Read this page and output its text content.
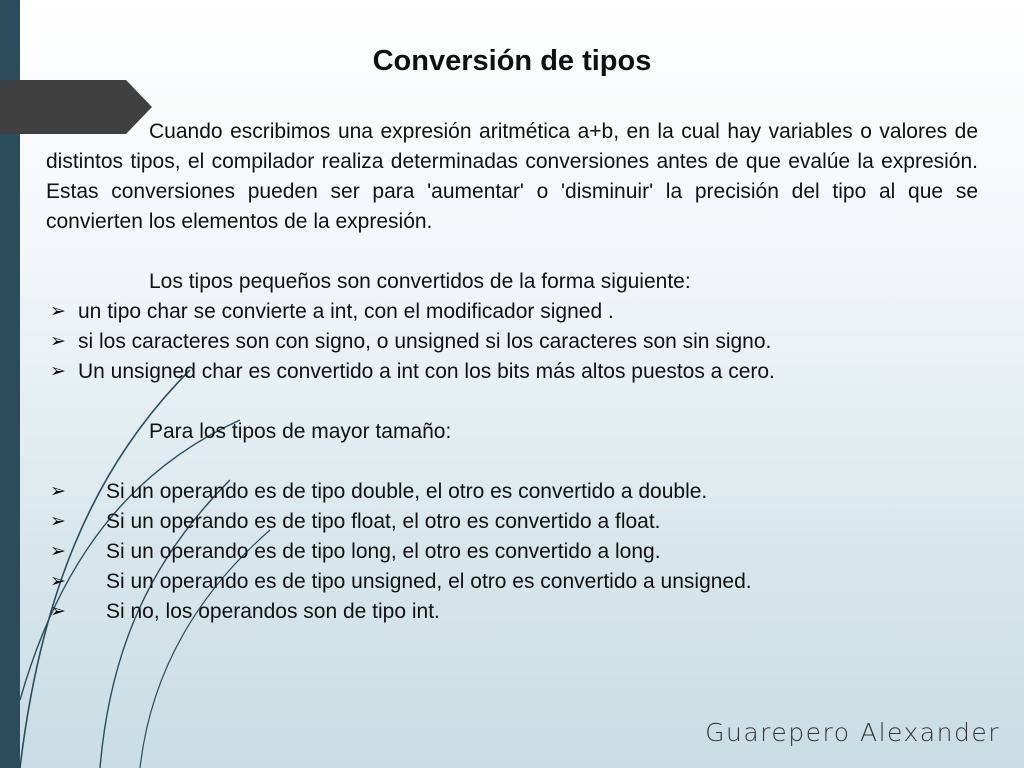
Conversión de tipos

Cuando escribimos una expresión aritmética a+b, en la cual hay variables o valores de distintos tipos, el compilador realiza determinadas conversiones antes de que evalúe la expresión. Estas conversiones pueden ser para 'aumentar' o 'disminuir' la precisión del tipo al que se convierten los elementos de la expresión.

Los tipos pequeños son convertidos de la forma siguiente:

➢ un tipo char se convierte a int, con el modificador signed .
➢ si los caracteres son con signo, o unsigned si los caracteres son sin signo.
➢ Un unsigned char es convertido a int con los bits más altos puestos a cero.

Para los tipos de mayor tamaño:

➢ Si un operando es de tipo double, el otro es convertido a double.
➢ Si un operando es de tipo float, el otro es convertido a float.
➢ Si un operando es de tipo long, el otro es convertido a long.
➢ Si un operando es de tipo unsigned, el otro es convertido a unsigned.
➢ Si no, los operandos son de tipo int.
Guarepero Alexander
